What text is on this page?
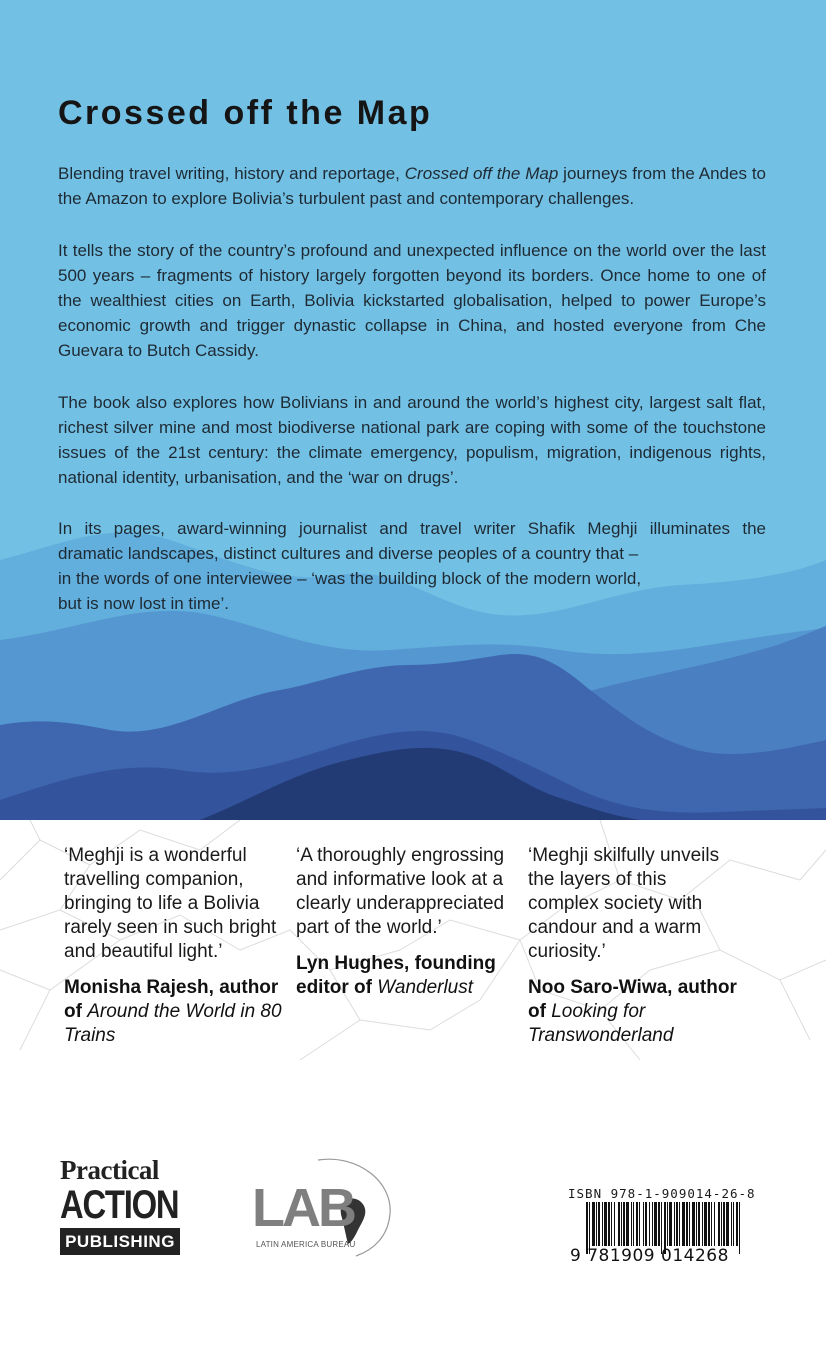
Crossed off the Map

Blending travel writing, history and reportage, Crossed off the Map journeys from the Andes to the Amazon to explore Bolivia’s turbulent past and contemporary challenges.

It tells the story of the country’s profound and unexpected influence on the world over the last 500 years – fragments of history largely forgotten beyond its borders. Once home to one of the wealthiest cities on Earth, Bolivia kickstarted globalisation, helped to power Europe’s economic growth and trigger dynastic collapse in China, and hosted everyone from Che Guevara to Butch Cassidy.

The book also explores how Bolivians in and around the world’s highest city, largest salt flat, richest silver mine and most biodiverse national park are coping with some of the touchstone issues of the 21st century: the climate emergency, populism, migration, indigenous rights, national identity, urbanisation, and the ‘war on drugs’.

In its pages, award-winning journalist and travel writer Shafik Meghji illuminates the
dramatic landscapes, distinct cultures and diverse peoples of a country that –
in the words of one interviewee – ‘was the building block of the modern world,
but is now lost in time’.

‘Meghji is a wonderful travelling companion, bringing to life a Bolivia rarely seen in such bright and beautiful light.’

Monisha Rajesh, author of Around the World in 80 Trains

‘A thoroughly engrossing and informative look at a clearly underappreciated part of the world.’

Lyn Hughes, founding editor of Wanderlust

‘Meghji skilfully unveils the layers of this complex society with candour and a warm curiosity.’

Noo Saro-Wiwa, author of Looking for Transwonderland

Practical
ACTION
PUBLISHING
LAB
LATIN AMERICA BUREAU
ISBN 978-1-909014-26-8
9 781909 014268
